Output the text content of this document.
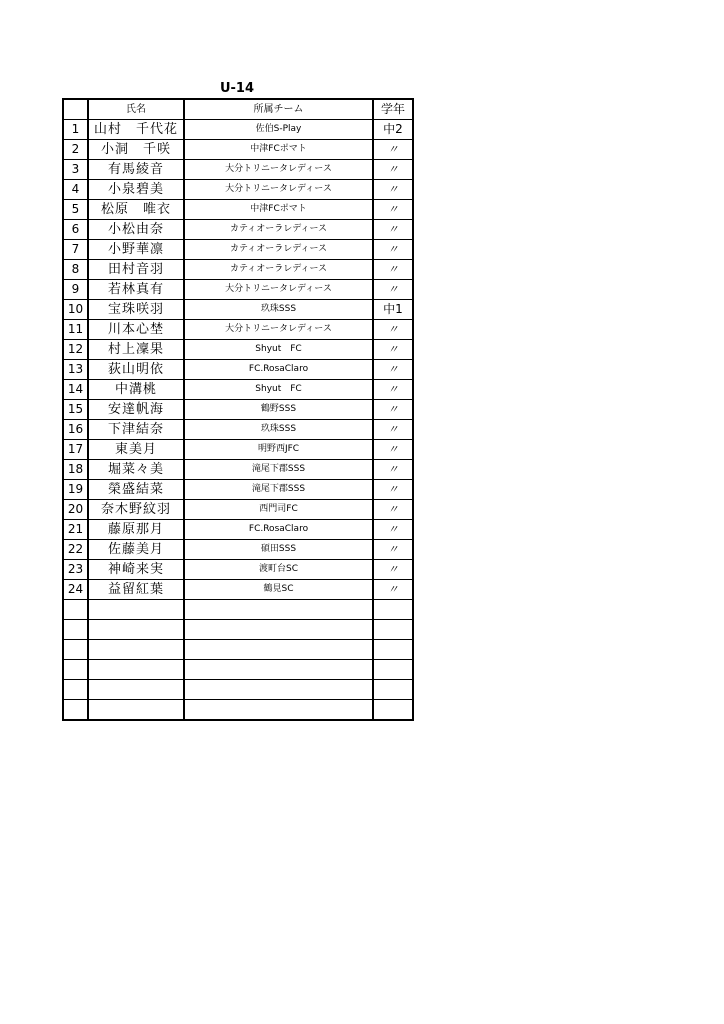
U-14
	氏名	所属チーム	学年
1	山村　千代花	佐伯S-Play	中2
2	小洞　千咲	中津FCポマト	〃
3	有馬綾音	大分トリニータレディース	〃
4	小泉碧美	大分トリニータレディース	〃
5	松原　唯衣	中津FCポマト	〃
6	小松由奈	カティオーラレディース	〃
7	小野華凛	カティオーラレディース	〃
8	田村音羽	カティオーラレディース	〃
9	若林真有	大分トリニータレディース	〃
10	宝珠咲羽	玖珠SSS	中1
11	川本心埜	大分トリニータレディース	〃
12	村上凜果	Shyut　FC	〃
13	荻山明依	FC.RosaClaro	〃
14	中溝桃	Shyut　FC	〃
15	安達帆海	鶴野SSS	〃
16	下津結奈	玖珠SSS	〃
17	東美月	明野西JFC	〃
18	堀菜々美	滝尾下郡SSS	〃
19	榮盛結菜	滝尾下郡SSS	〃
20	奈木野紋羽	西門司FC	〃
21	藤原那月	FC.RosaClaro	〃
22	佐藤美月	碩田SSS	〃
23	神崎来実	渡町台SC	〃
24	益留紅葉	鶴見SC	〃
